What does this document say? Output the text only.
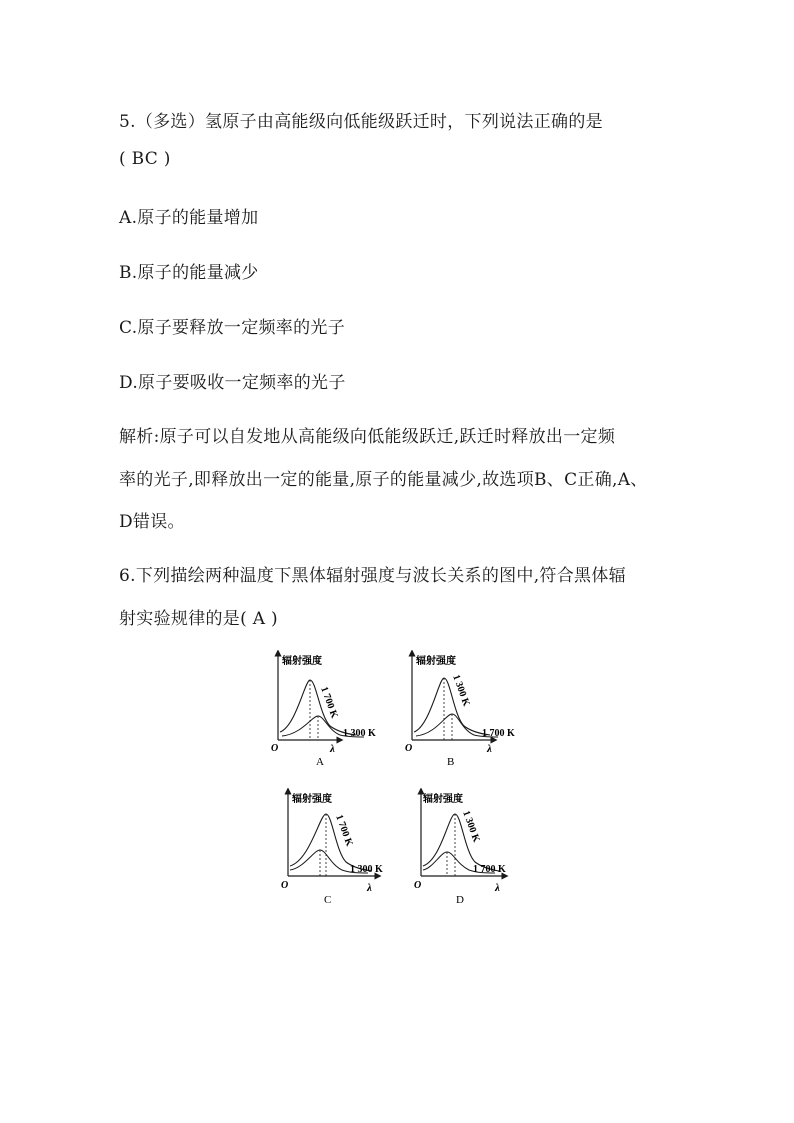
5.（多选）氢原子由高能级向低能级跃迁时，下列说法正确的是
( BC )
A.原子的能量增加
B.原子的能量减少
C.原子要释放一定频率的光子
D.原子要吸收一定频率的光子
解析:原子可以自发地从高能级向低能级跃迁,跃迁时释放出一定频
率的光子,即释放出一定的能量,原子的能量减少,故选项B、C正确,A、
D错误。
6.下列描绘两种温度下黑体辐射强度与波长关系的图中,符合黑体辐
射实验规律的是( A )
辐射强度
1 700 K
1 300 K
O	λ
A
辐射强度
1 300 K
1 700 K
O	λ
B
辐射强度
1 700 K
1 300 K
O	λ
C
辐射强度
1 300 K
1 700 K
O	λ
D
